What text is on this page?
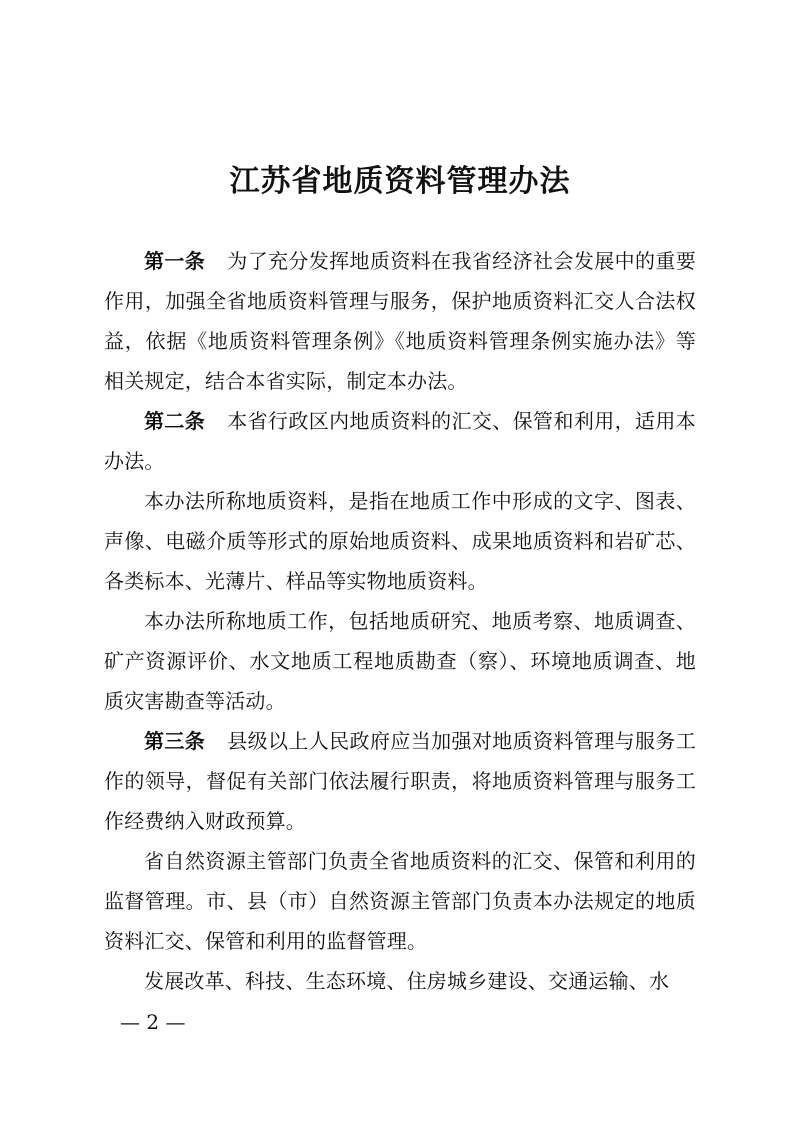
江苏省地质资料管理办法

第一条 为了充分发挥地质资料在我省经济社会发展中的重要作用，加强全省地质资料管理与服务，保护地质资料汇交人合法权益，依据《地质资料管理条例》《地质资料管理条例实施办法》等相关规定，结合本省实际，制定本办法。

第二条 本省行政区内地质资料的汇交、保管和利用，适用本办法。

本办法所称地质资料，是指在地质工作中形成的文字、图表、声像、电磁介质等形式的原始地质资料、成果地质资料和岩矿芯、各类标本、光薄片、样品等实物地质资料。

本办法所称地质工作，包括地质研究、地质考察、地质调查、矿产资源评价、水文地质工程地质勘查（察）、环境地质调查、地质灾害勘查等活动。

第三条 县级以上人民政府应当加强对地质资料管理与服务工作的领导，督促有关部门依法履行职责，将地质资料管理与服务工作经费纳入财政预算。

省自然资源主管部门负责全省地质资料的汇交、保管和利用的监督管理。市、县（市）自然资源主管部门负责本办法规定的地质资料汇交、保管和利用的监督管理。

发展改革、科技、生态环境、住房城乡建设、交通运输、水

— 2 —
